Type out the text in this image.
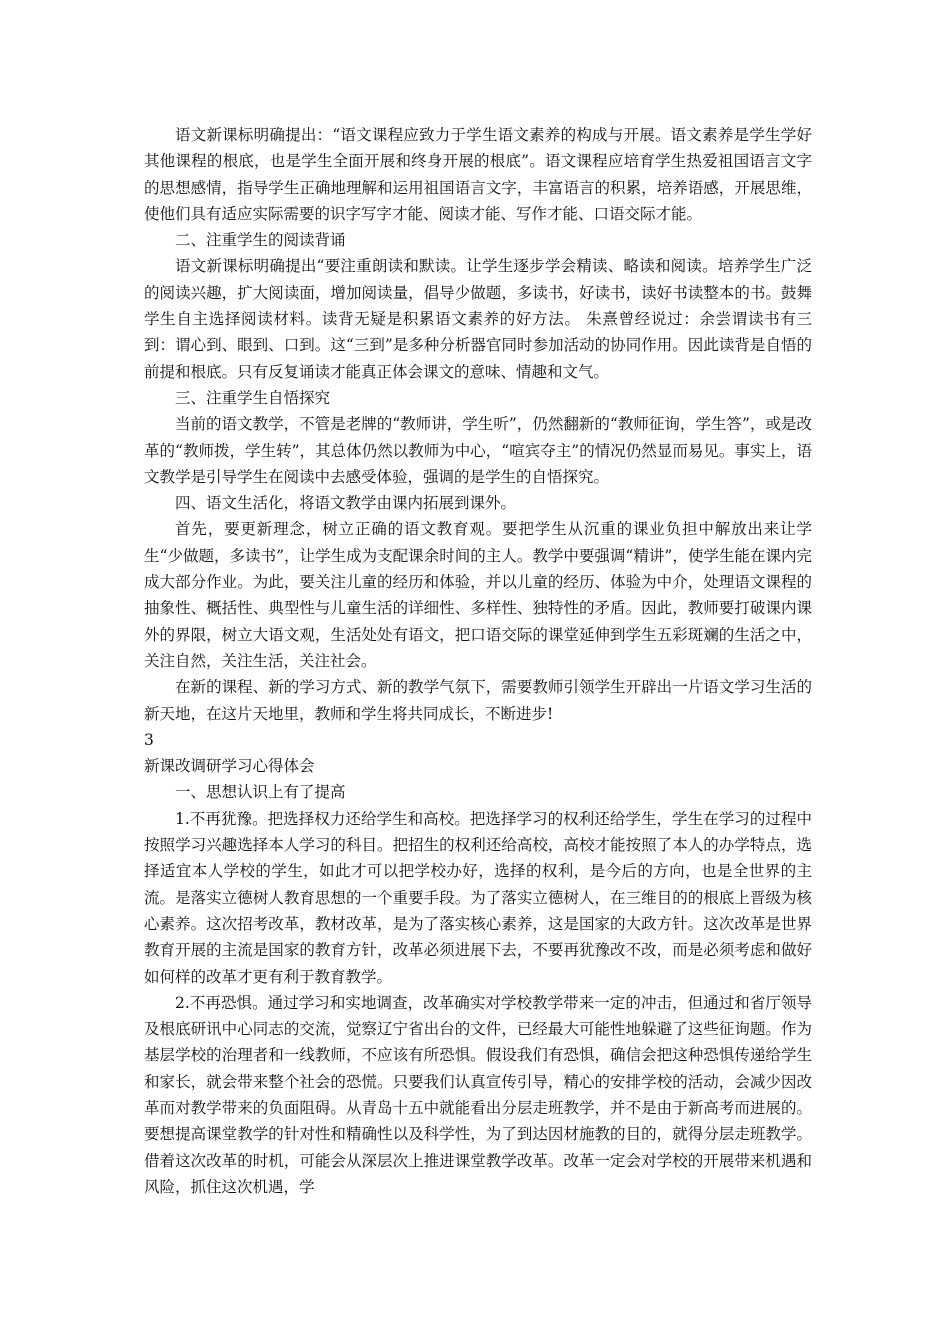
语文新课标明确提出：“语文课程应致力于学生语文素养的构成与开展。语文素养是学生学好其他课程的根底，也是学生全面开展和终身开展的根底”。语文课程应培育学生热爱祖国语言文字的思想感情，指导学生正确地理解和运用祖国语言文字，丰富语言的积累，培养语感，开展思维，使他们具有适应实际需要的识字写字才能、阅读才能、写作才能、口语交际才能。

二、注重学生的阅读背诵

语文新课标明确提出“要注重朗读和默读。让学生逐步学会精读、略读和阅读。培养学生广泛的阅读兴趣，扩大阅读面，增加阅读量，倡导少做题，多读书，好读书，读好书读整本的书。鼓舞学生自主选择阅读材料。读背无疑是积累语文素养的好方法。 朱熹曾经说过：余尝谓读书有三到：谓心到、眼到、口到。这“三到”是多种分析器官同时参加活动的协同作用。因此读背是自悟的前提和根底。只有反复诵读才能真正体会课文的意味、情趣和文气。

三、注重学生自悟探究

当前的语文教学，不管是老牌的“教师讲，学生听”，仍然翻新的“教师征询，学生答”，或是改革的“教师拨，学生转”，其总体仍然以教师为中心，“喧宾夺主”的情况仍然显而易见。事实上，语文教学是引导学生在阅读中去感受体验，强调的是学生的自悟探究。

四、语文生活化，将语文教学由课内拓展到课外。

首先，要更新理念，树立正确的语文教育观。要把学生从沉重的课业负担中解放出来让学生“少做题，多读书”，让学生成为支配课余时间的主人。教学中要强调“精讲”，使学生能在课内完成大部分作业。为此，要关注儿童的经历和体验，并以儿童的经历、体验为中介，处理语文课程的抽象性、概括性、典型性与儿童生活的详细性、多样性、独特性的矛盾。因此，教师要打破课内课外的界限，树立大语文观，生活处处有语文，把口语交际的课堂延伸到学生五彩斑斓的生活之中，关注自然，关注生活，关注社会。

在新的课程、新的学习方式、新的教学气氛下，需要教师引领学生开辟出一片语文学习生活的新天地，在这片天地里，教师和学生将共同成长，不断进步!

3

新课改调研学习心得体会

一、思想认识上有了提高

1.不再犹豫。把选择权力还给学生和高校。把选择学习的权利还给学生，学生在学习的过程中按照学习兴趣选择本人学习的科目。把招生的权利还给高校，高校才能按照了本人的办学特点，选择适宜本人学校的学生，如此才可以把学校办好，选择的权利，是今后的方向，也是全世界的主流。是落实立德树人教育思想的一个重要手段。为了落实立德树人，在三维目的的根底上晋级为核心素养。这次招考改革，教材改革，是为了落实核心素养，这是国家的大政方针。这次改革是世界教育开展的主流是国家的教育方针，改革必须进展下去，不要再犹豫改不改，而是必须考虑和做好如何样的改革才更有利于教育教学。

2.不再恐惧。通过学习和实地调查，改革确实对学校教学带来一定的冲击，但通过和省厅领导及根底研讯中心同志的交流，觉察辽宁省出台的文件，已经最大可能性地躲避了这些征询题。作为基层学校的治理者和一线教师，不应该有所恐惧。假设我们有恐惧，确信会把这种恐惧传递给学生和家长，就会带来整个社会的恐慌。只要我们认真宣传引导，精心的安排学校的活动，会减少因改革而对教学带来的负面阻碍。从青岛十五中就能看出分层走班教学，并不是由于新高考而进展的。要想提高课堂教学的针对性和精确性以及科学性，为了到达因材施教的目的，就得分层走班教学。借着这次改革的时机，可能会从深层次上推进课堂教学改革。改革一定会对学校的开展带来机遇和风险，抓住这次机遇，学
